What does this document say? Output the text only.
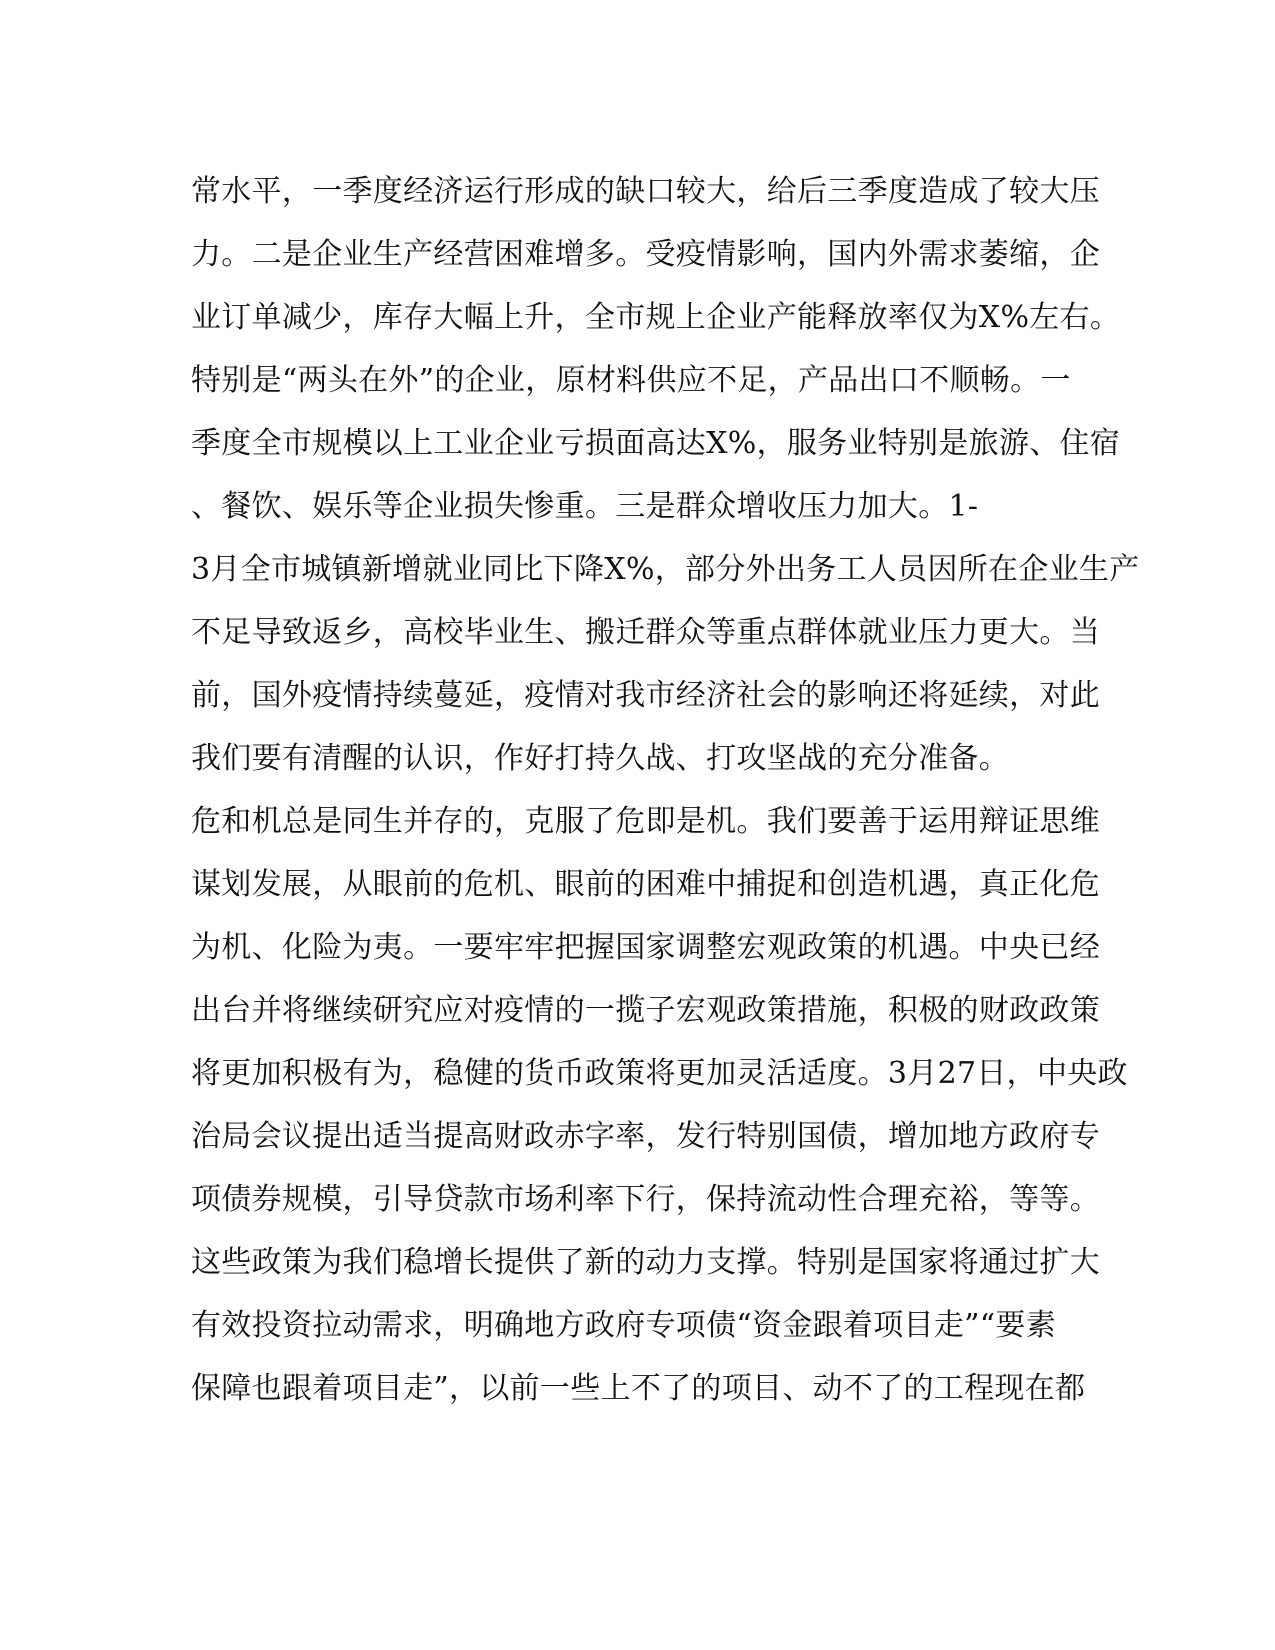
常水平，一季度经济运行形成的缺口较大，给后三季度造成了较大压
力。二是企业生产经营困难增多。受疫情影响，国内外需求萎缩，企
业订单减少，库存大幅上升，全市规上企业产能释放率仅为X%左右。
特别是“两头在外”的企业，原材料供应不足，产品出口不顺畅。一
季度全市规模以上工业企业亏损面高达X%，服务业特别是旅游、住宿
、餐饮、娱乐等企业损失惨重。三是群众增收压力加大。1-
3月全市城镇新增就业同比下降X%，部分外出务工人员因所在企业生产
不足导致返乡，高校毕业生、搬迁群众等重点群体就业压力更大。当
前，国外疫情持续蔓延，疫情对我市经济社会的影响还将延续，对此
我们要有清醒的认识，作好打持久战、打攻坚战的充分准备。
危和机总是同生并存的，克服了危即是机。我们要善于运用辩证思维
谋划发展，从眼前的危机、眼前的困难中捕捉和创造机遇，真正化危
为机、化险为夷。一要牢牢把握国家调整宏观政策的机遇。中央已经
出台并将继续研究应对疫情的一揽子宏观政策措施，积极的财政政策
将更加积极有为，稳健的货币政策将更加灵活适度。3月27日，中央政
治局会议提出适当提高财政赤字率，发行特别国债，增加地方政府专
项债券规模，引导贷款市场利率下行，保持流动性合理充裕，等等。
这些政策为我们稳增长提供了新的动力支撑。特别是国家将通过扩大
有效投资拉动需求，明确地方政府专项债“资金跟着项目走”“要素
保障也跟着项目走”，以前一些上不了的项目、动不了的工程现在都
